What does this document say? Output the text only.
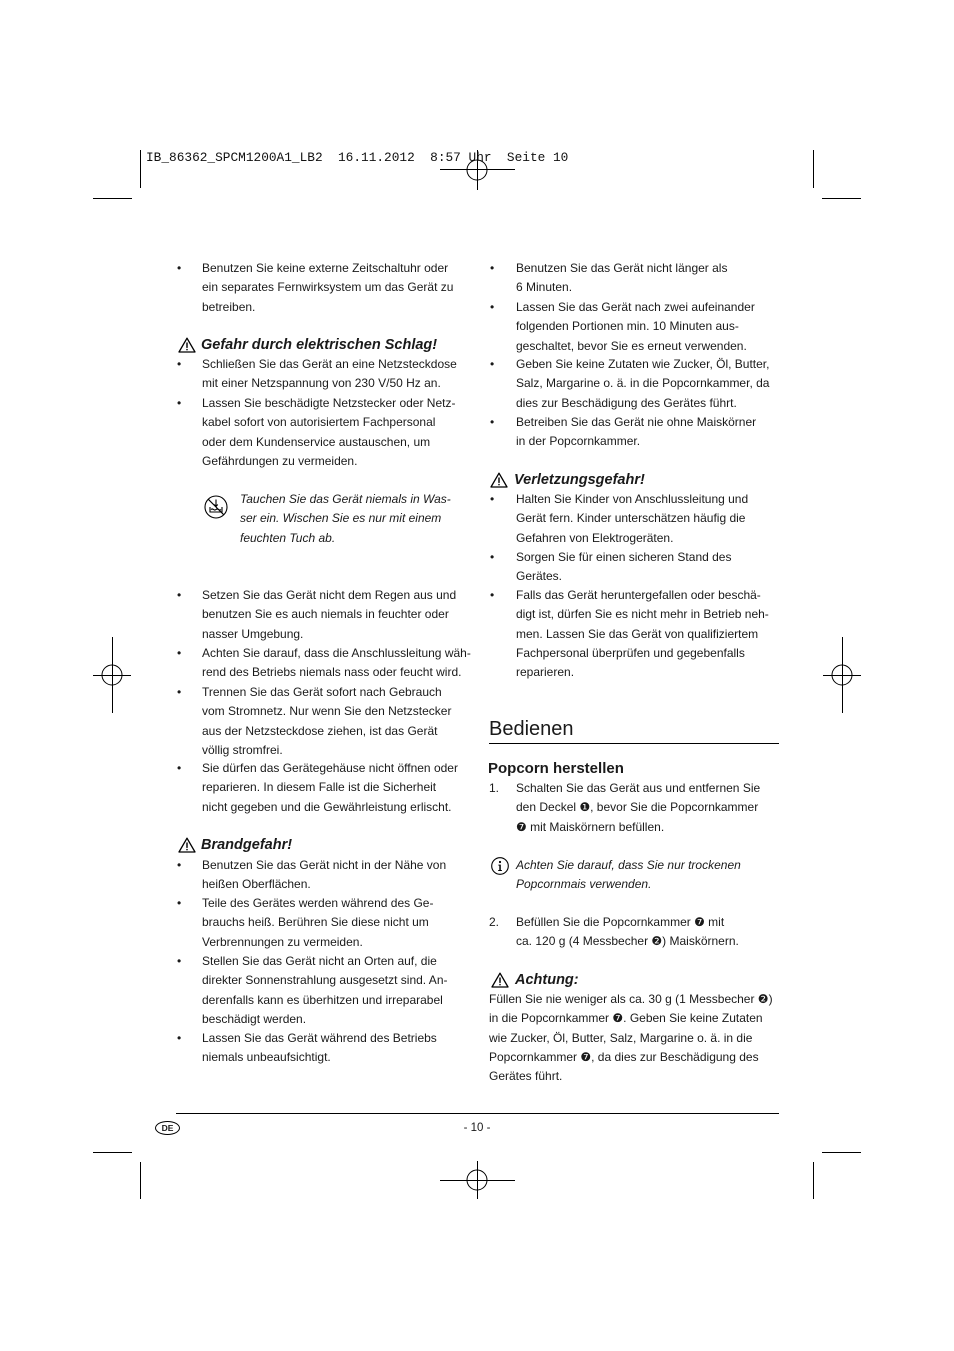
IB_86362_SPCM1200A1_LB2  16.11.2012  8:57 Uhr  Seite 10
• Benutzen Sie keine externe Zeitschaltuhr oder
ein separates Fernwirksystem um das Gerät zu
betreiben.
Gefahr durch elektrischen Schlag!
• Schließen Sie das Gerät an eine Netzsteckdose
mit einer Netzspannung von 230 V/50 Hz an.
• Lassen Sie beschädigte Netzstecker oder Netz-
kabel sofort von autorisiertem Fachpersonal
oder dem Kundenservice austauschen, um
Gefährdungen zu vermeiden.
Tauchen Sie das Gerät niemals in Was-
ser ein. Wischen Sie es nur mit einem
feuchten Tuch ab.
• Setzen Sie das Gerät nicht dem Regen aus und
benutzen Sie es auch niemals in feuchter oder
nasser Umgebung.
• Achten Sie darauf, dass die Anschlussleitung wäh-
rend des Betriebs niemals nass oder feucht wird.
• Trennen Sie das Gerät sofort nach Gebrauch
vom Stromnetz. Nur wenn Sie den Netzstecker
aus der Netzsteckdose ziehen, ist das Gerät
völlig stromfrei.
• Sie dürfen das Gerätegehäuse nicht öffnen oder
reparieren. In diesem Falle ist die Sicherheit
nicht gegeben und die Gewährleistung erlischt.
Brandgefahr!
• Benutzen Sie das Gerät nicht in der Nähe von
heißen Oberflächen.
• Teile des Gerätes werden während des Ge-
brauchs heiß. Berühren Sie diese nicht um
Verbrennungen zu vermeiden.
• Stellen Sie das Gerät nicht an Orten auf, die
direkter Sonnenstrahlung ausgesetzt sind. An-
derenfalls kann es überhitzen und irreparabel
beschädigt werden.
• Lassen Sie das Gerät während des Betriebs
niemals unbeaufsichtigt.
• Benutzen Sie das Gerät nicht länger als
6 Minuten.
• Lassen Sie das Gerät nach zwei aufeinander
folgenden Portionen min. 10 Minuten aus-
geschaltet, bevor Sie es erneut verwenden.
• Geben Sie keine Zutaten wie Zucker, Öl, Butter,
Salz, Margarine o. ä. in die Popcornkammer, da
dies zur Beschädigung des Gerätes führt.
• Betreiben Sie das Gerät nie ohne Maiskörner
in der Popcornkammer.
Verletzungsgefahr!
• Halten Sie Kinder von Anschlussleitung und
Gerät fern. Kinder unterschätzen häufig die
Gefahren von Elektrogeräten.
• Sorgen Sie für einen sicheren Stand des
Gerätes.
• Falls das Gerät heruntergefallen oder beschä-
digt ist, dürfen Sie es nicht mehr in Betrieb neh-
men. Lassen Sie das Gerät von qualifiziertem
Fachpersonal überprüfen und gegebenfalls
reparieren.
Bedienen
Popcorn herstellen
1. Schalten Sie das Gerät aus und entfernen Sie
den Deckel ❶, bevor Sie die Popcornkammer
❼ mit Maiskörnern befüllen.
Achten Sie darauf, dass Sie nur trockenen
Popcornmais verwenden.
2. Befüllen Sie die Popcornkammer ❼ mit
ca. 120 g (4 Messbecher ❷) Maiskörnern.
Achtung:
Füllen Sie nie weniger als ca. 30 g (1 Messbecher ❷)
in die Popcornkammer ❼. Geben Sie keine Zutaten
wie Zucker, Öl, Butter, Salz, Margarine o. ä. in die
Popcornkammer ❼, da dies zur Beschädigung des
Gerätes führt.
DE	- 10 -
